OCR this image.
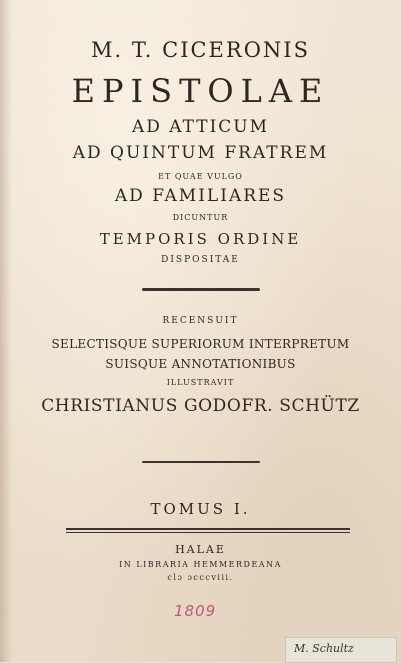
M. T. CICERONIS
EPISTOLAE
AD ATTICUM
AD QUINTUM FRATREM
ET QUAE VULGO
AD FAMILIARES
DICUNTUR
TEMPORIS ORDINE
DISPOSITAE
RECENSUIT
SELECTISQUE SUPERIORUM INTERPRETUM
SUISQUE ANNOTATIONIBUS
ILLUSTRAVIT
CHRISTIANUS GODOFR. SCHÜTZ
TOMUS I.
HALAE
IN LIBRARIA HEMMERDEANA
clɔ ɔcccviii.
1809
M. Schultz
